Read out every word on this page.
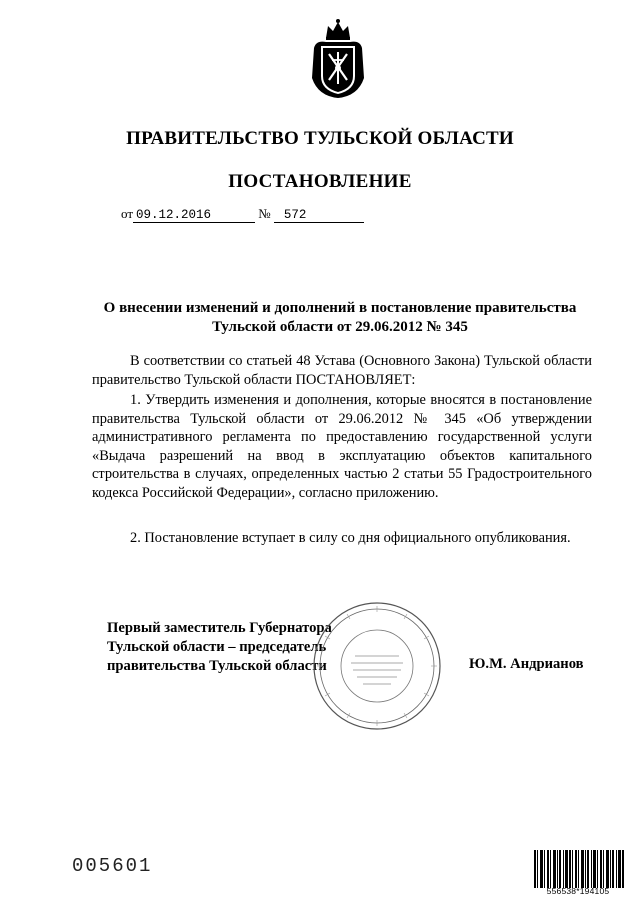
ПРАВИТЕЛЬСТВО ТУЛЬСКОЙ ОБЛАСТИ
ПОСТАНОВЛЕНИЕ
от 09.12.2016	№ 572
О внесении изменений и дополнений в постановление правительства
Тульской области от 29.06.2012 № 345
В соответствии со статьей 48 Устава (Основного Закона) Тульской области правительство Тульской области ПОСТАНОВЛЯЕТ:
1. Утвердить изменения и дополнения, которые вносятся в постановление правительства Тульской области от 29.06.2012 № 345 «Об утверждении административного регламента по предоставлению государственной услуги «Выдача разрешений на ввод в эксплуатацию объектов капитального строительства в случаях, определенных частью 2 статьи 55 Градостроительного кодекса Российской Федерации», согласно приложению.
2. Постановление вступает в силу со дня официального опубликования.
Первый заместитель Губернатора
Тульской области – председатель
правительства Тульской области	Ю.М. Андрианов
005601
556538*194105
